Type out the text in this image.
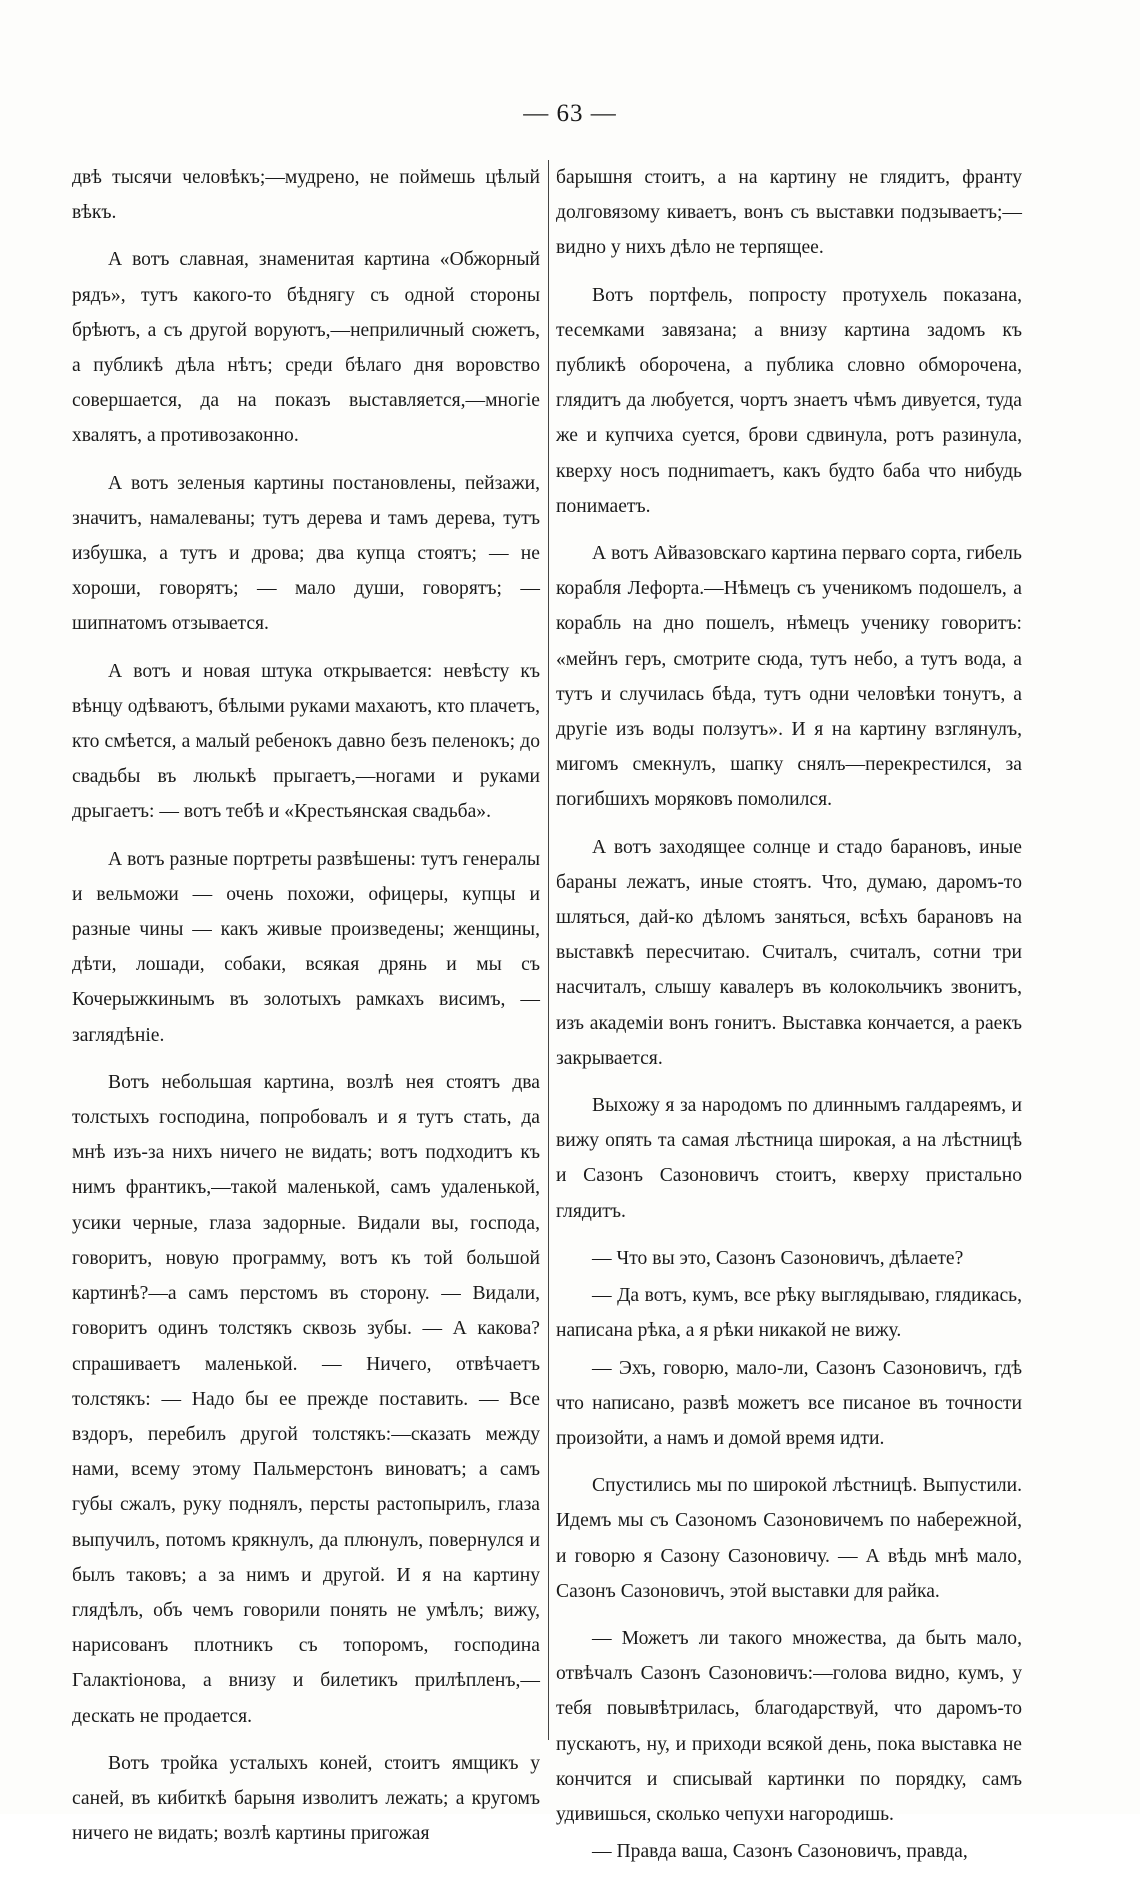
— 63 —

двѣ тысячи человѣкъ;—мудрено, не поймешь цѣлый вѣкъ.

А вотъ славная, знаменитая картина «Обжорный рядъ», тутъ какого-то бѣднягу съ одной стороны брѣютъ, а съ другой воруютъ,—неприличный сюжетъ, а публикѣ дѣла нѣтъ; среди бѣлаго дня воровство совершается, да на показъ выставляется,—многіе хвалятъ, а противозаконно.

А вотъ зеленыя картины постановлены, пейзажи, значитъ, намалеваны; тутъ дерева и тамъ дерева, тутъ избушка, а тутъ и дрова; два купца стоятъ; — не хороши, говорятъ; — мало души, говорятъ; — шипнатомъ отзывается.

А вотъ и новая штука открывается: невѣсту къ вѣнцу одѣваютъ, бѣлыми руками махаютъ, кто плачетъ, кто смѣется, а малый ребенокъ давно безъ пеленокъ; до свадьбы въ люлькѣ прыгаетъ,—ногами и руками дрыгаетъ: — вотъ тебѣ и «Крестьянская свадьба».

А вотъ разные портреты развѣшены: тутъ генералы и вельможи — очень похожи, офицеры, купцы и разные чины — какъ живые произведены; женщины, дѣти, лошади, собаки, всякая дрянь и мы съ Кочерыжкинымъ въ золотыхъ рамкахъ висимъ, — заглядѣніе.

Вотъ небольшая картина, возлѣ нея стоятъ два толстыхъ господина, попробовалъ и я тутъ стать, да мнѣ изъ-за нихъ ничего не видать; вотъ подходитъ къ нимъ франтикъ,—такой маленькой, самъ удаленькой, усики черные, глаза задорные. Видали вы, господа, говоритъ, новую программу, вотъ къ той большой картинѣ?—а самъ перстомъ въ сторону. — Видали, говоритъ одинъ толстякъ сквозь зубы. — А какова? спрашиваетъ маленькой. — Ничего, отвѣчаетъ толстякъ: — Надо бы ее прежде поставить. — Все вздоръ, перебилъ другой толстякъ:—сказать между нами, всему этому Пальмерстонъ виноватъ; а самъ губы сжалъ, руку поднялъ, персты растопырилъ, глаза выпучилъ, потомъ крякнулъ, да плюнулъ, повернулся и былъ таковъ; а за нимъ и другой. И я на картину глядѣлъ, объ чемъ говорили понять не умѣлъ; вижу, нарисованъ плотникъ съ топоромъ, господина Галактіонова, а внизу и билетикъ прилѣпленъ,—дескать не продается.

Вотъ тройка усталыхъ коней, стоитъ ямщикъ у саней, въ кибиткѣ барыня изволитъ лежать; а кругомъ ничего не видать; возлѣ картины пригожая

барышня стоитъ, а на картину не глядитъ, франту долговязому киваетъ, вонъ съ выставки подзываетъ;—видно у нихъ дѣло не терпящее.

Вотъ портфель, попросту протухель показана, тесемками завязана; а внизу картина задомъ къ публикѣ оборочена, а публика словно обморочена, глядитъ да любуется, чортъ знаетъ чѣмъ дивуется, туда же и купчиха суется, брови сдвинула, ротъ разинула, кверху носъ подниmаетъ, какъ будто баба что нибудь понимаетъ.

А вотъ Айвазовскаго картина перваго сорта, гибель корабля Лефорта.—Нѣмецъ съ ученикомъ подошелъ, а корабль на дно пошелъ, нѣмецъ ученику говоритъ: «мейнъ геръ, смотрите сюда, тутъ небо, а тутъ вода, а тутъ и случилась бѣда, тутъ одни человѣки тонутъ, а другіе изъ воды ползутъ». И я на картину взглянулъ, мигомъ смекнулъ, шапку снялъ—перекрестился, за погибшихъ моряковъ помолился.

А вотъ заходящее солнце и стадо барановъ, иные бараны лежатъ, иные стоятъ. Что, думаю, даромъ-то шляться, дай-ко дѣломъ заняться, всѣхъ барановъ на выставкѣ пересчитаю. Считалъ, считалъ, сотни три насчиталъ, слышу кавалеръ въ колокольчикъ звонитъ, изъ академіи вонъ гонитъ. Выставка кончается, а раекъ закрывается.

Выхожу я за народомъ по длиннымъ галдареямъ, и вижу опять та самая лѣстница широкая, а на лѣстницѣ и Сазонъ Сазоновичъ стоитъ, кверху пристально глядитъ.

— Что вы это, Сазонъ Сазоновичъ, дѣлаете?

— Да вотъ, кумъ, все рѣку выглядываю, глядикась, написана рѣка, а я рѣки никакой не вижу.

— Эхъ, говорю, мало-ли, Сазонъ Сазоновичъ, гдѣ что написано, развѣ можетъ все писаное въ точности произойти, а намъ и домой время идти.

Спустились мы по широкой лѣстницѣ. Выпустили. Идемъ мы съ Сазономъ Сазоновичемъ по набережной, и говорю я Сазону Сазоновичу. — А вѣдь мнѣ мало, Сазонъ Сазоновичъ, этой выставки для райка.

— Можетъ ли такого множества, да быть мало, отвѣчалъ Сазонъ Сазоновичъ:—голова видно, кумъ, у тебя повывѣтрилась, благодарствуй, что даромъ-то пускаютъ, ну, и приходи всякой день, пока выставка не кончится и списывай картинки по порядку, самъ удивишься, сколько чепухи нагородишь.

— Правда ваша, Сазонъ Сазоновичъ, правда,
